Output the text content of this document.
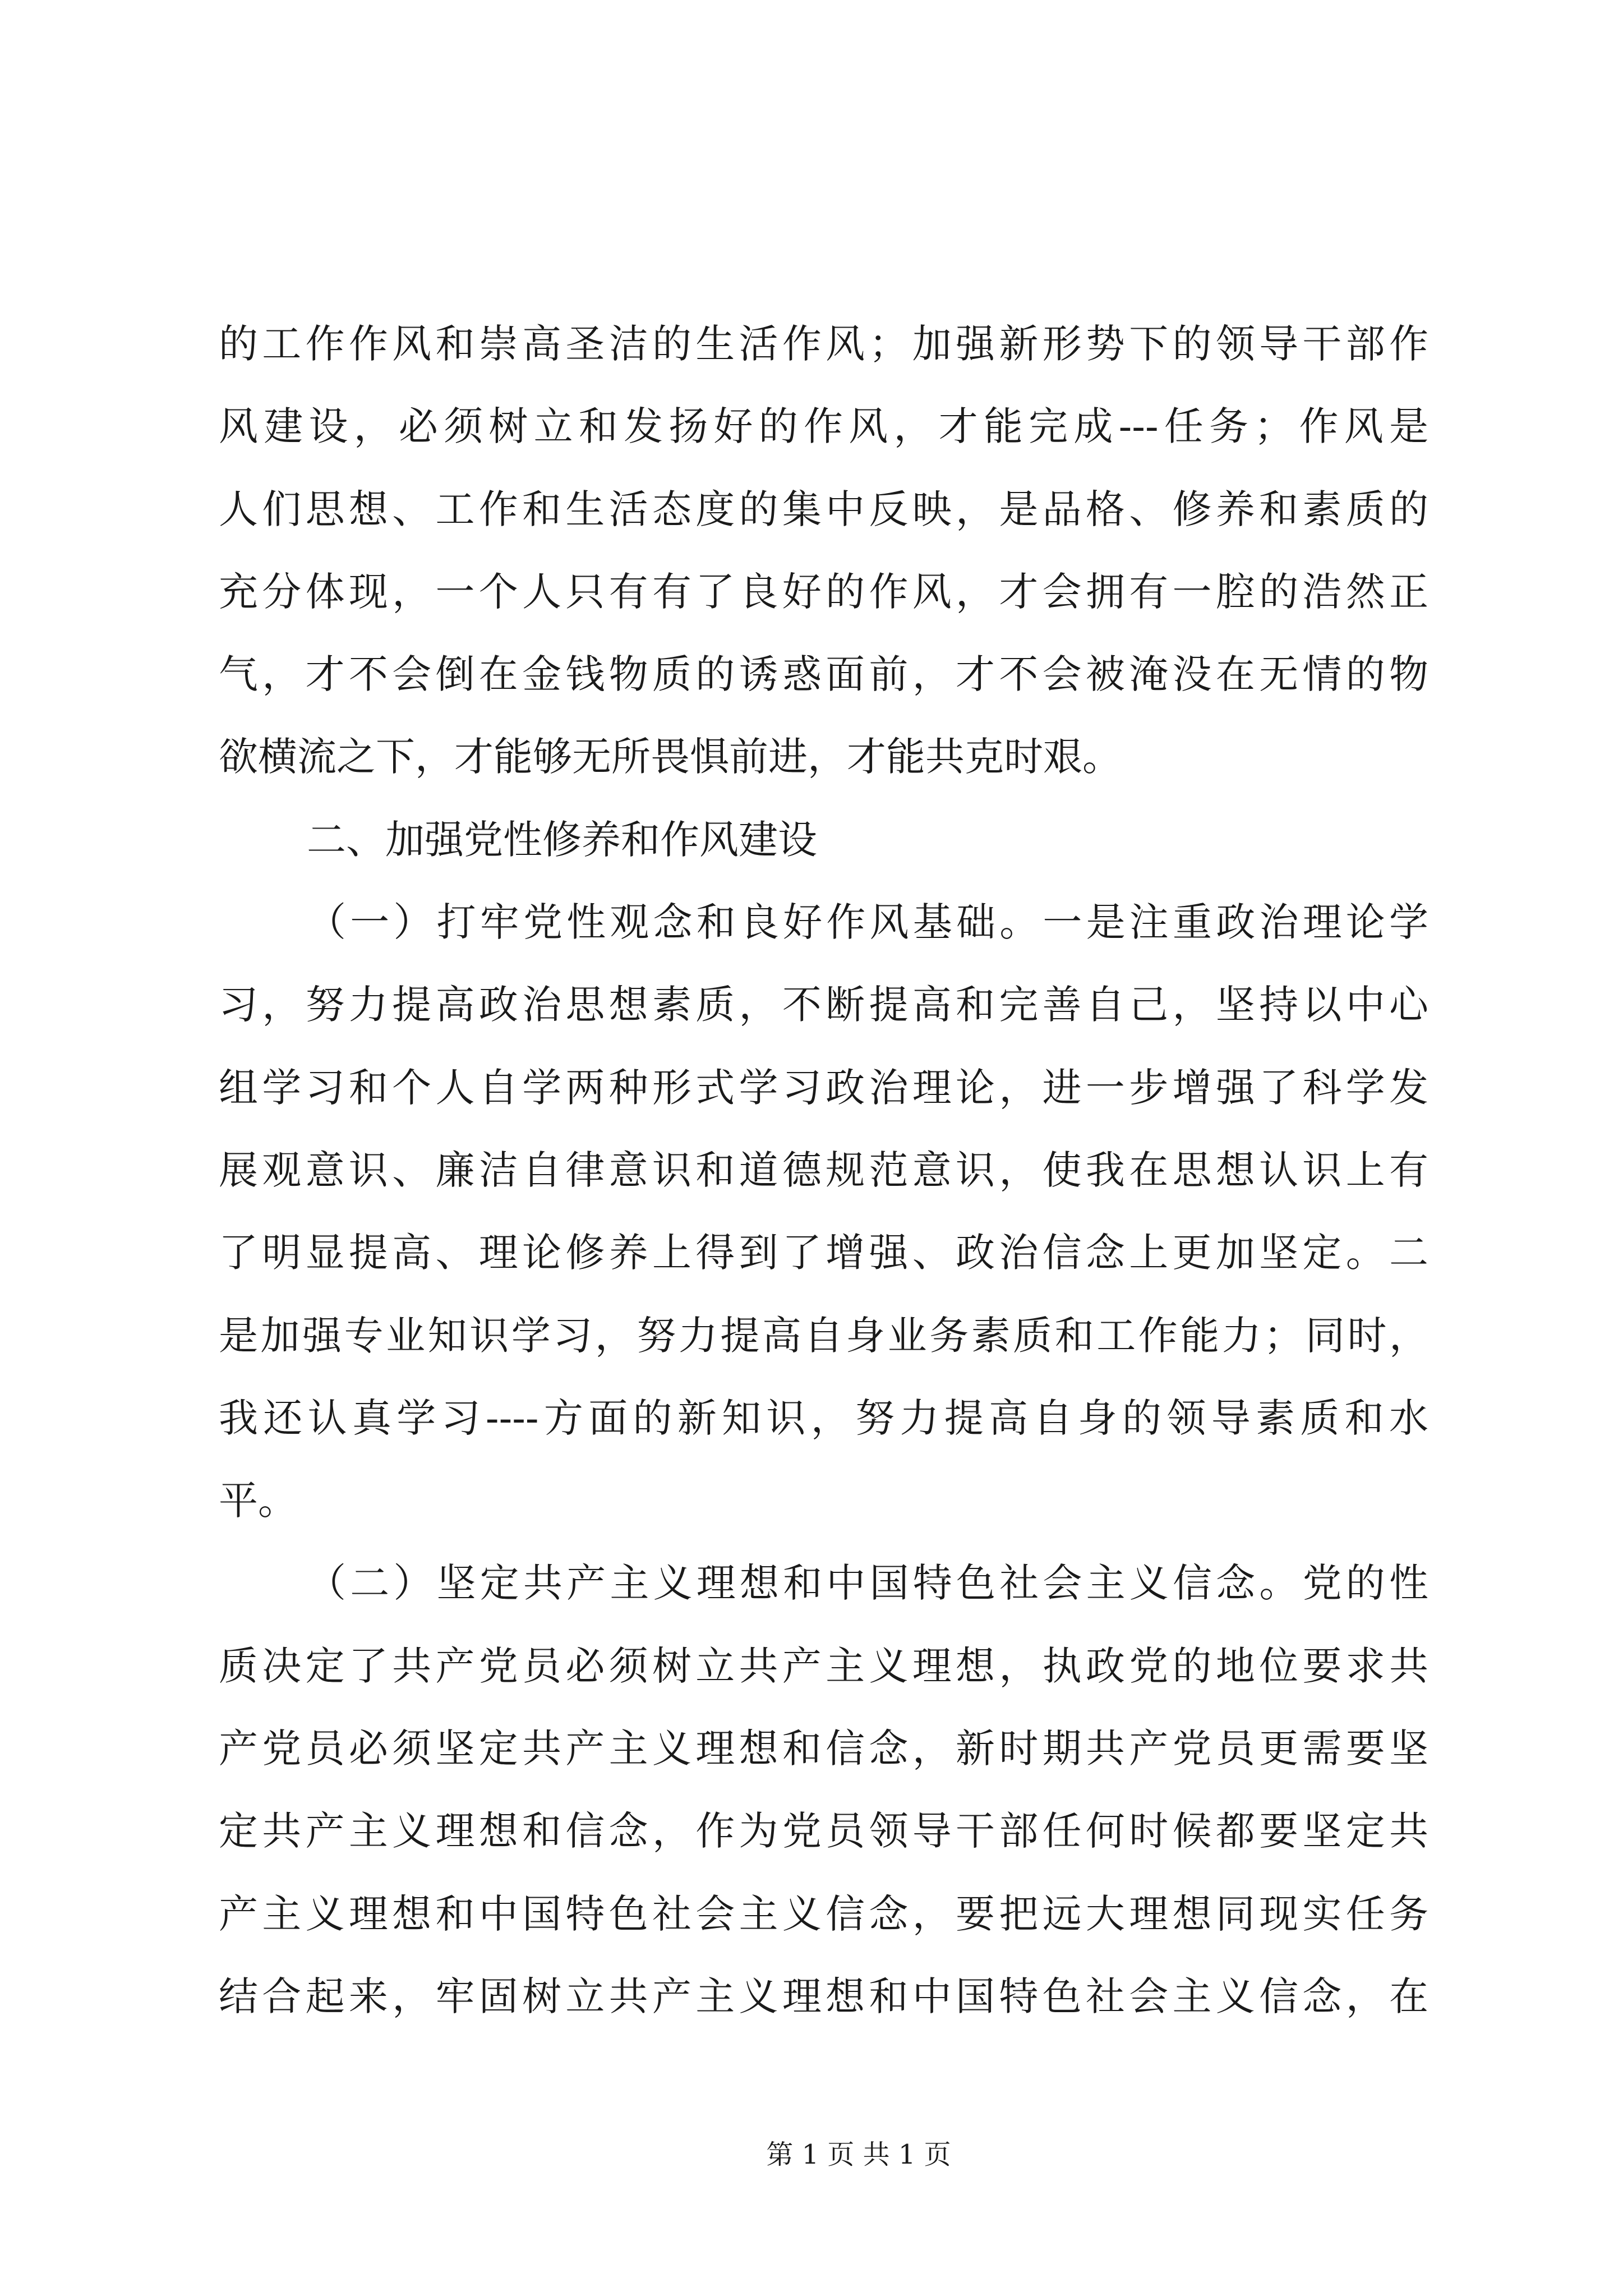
的工作作风和崇高圣洁的生活作风；加强新形势下的领导干部作
风建设，必须树立和发扬好的作风，才能完成---任务；作风是
人们思想、工作和生活态度的集中反映，是品格、修养和素质的
充分体现，一个人只有有了良好的作风，才会拥有一腔的浩然正
气，才不会倒在金钱物质的诱惑面前，才不会被淹没在无情的物
欲横流之下，才能够无所畏惧前进，才能共克时艰。
二、加强党性修养和作风建设
（一）打牢党性观念和良好作风基础。一是注重政治理论学
习，努力提高政治思想素质，不断提高和完善自己，坚持以中心
组学习和个人自学两种形式学习政治理论，进一步增强了科学发
展观意识、廉洁自律意识和道德规范意识，使我在思想认识上有
了明显提高、理论修养上得到了增强、政治信念上更加坚定。二
是加强专业知识学习，努力提高自身业务素质和工作能力；同时，
我还认真学习----方面的新知识，努力提高自身的领导素质和水
平。
（二）坚定共产主义理想和中国特色社会主义信念。党的性
质决定了共产党员必须树立共产主义理想，执政党的地位要求共
产党员必须坚定共产主义理想和信念，新时期共产党员更需要坚
定共产主义理想和信念，作为党员领导干部任何时候都要坚定共
产主义理想和中国特色社会主义信念，要把远大理想同现实任务
结合起来，牢固树立共产主义理想和中国特色社会主义信念，在
第 1 页 共 1 页
